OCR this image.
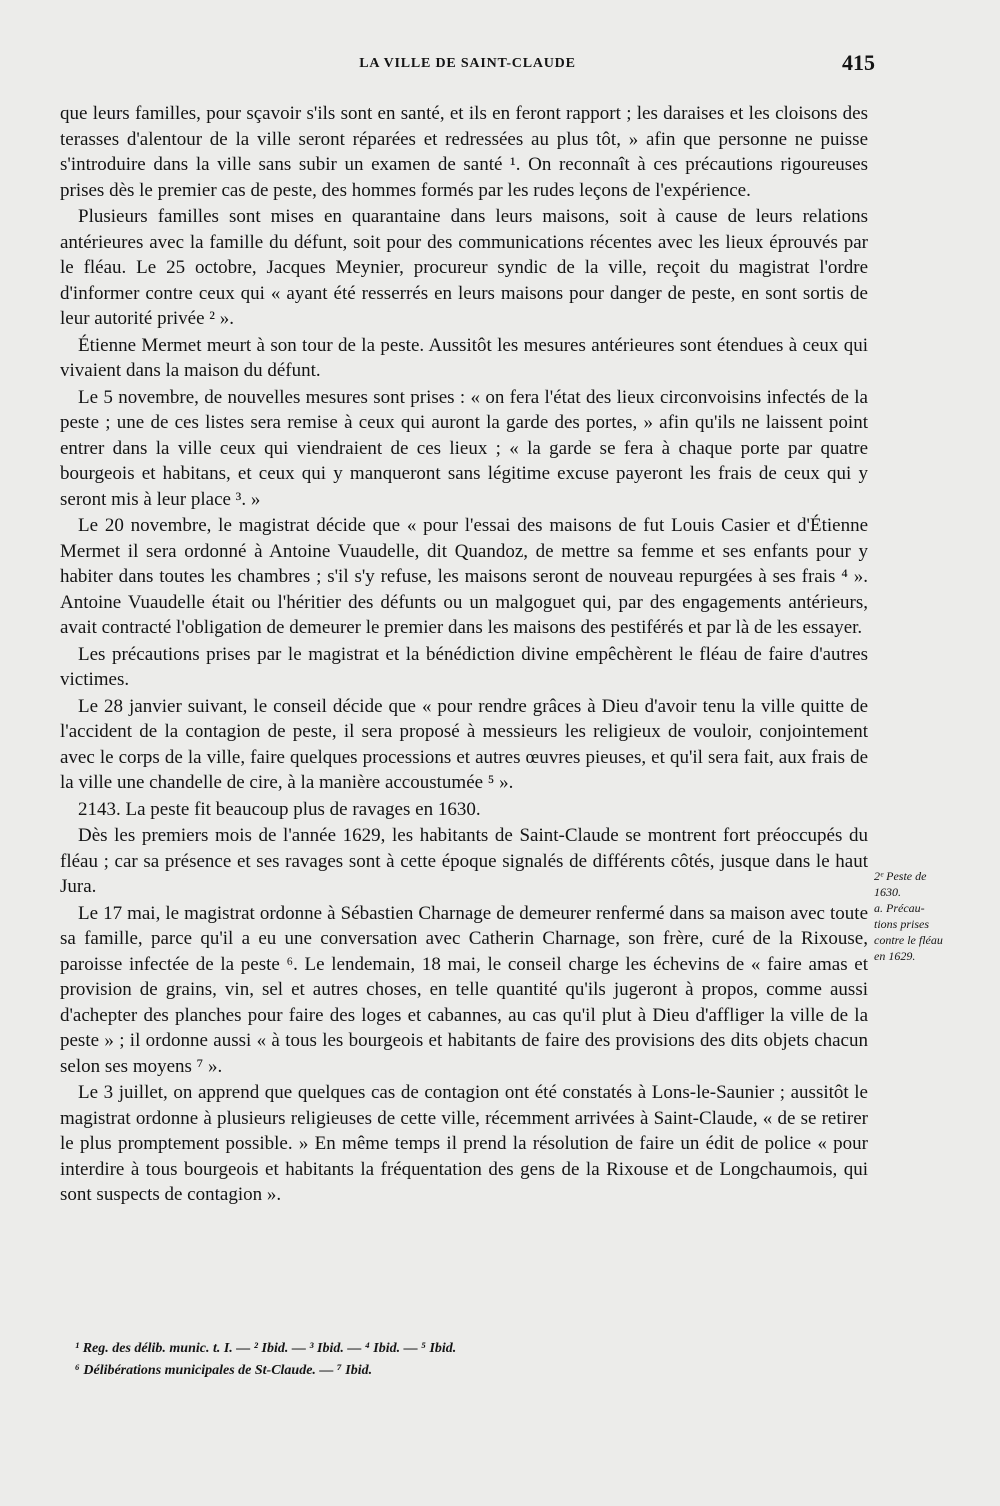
LA VILLE DE SAINT-CLAUDE	415

que leurs familles, pour sçavoir s'ils sont en santé, et ils en feront rapport ; les daraises et les cloisons des terasses d'alentour de la ville seront réparées et redressées au plus tôt, » afin que personne ne puisse s'introduire dans la ville sans subir un examen de santé ¹. On reconnaît à ces précautions rigoureuses prises dès le premier cas de peste, des hommes formés par les rudes leçons de l'expérience.

Plusieurs familles sont mises en quarantaine dans leurs maisons, soit à cause de leurs relations antérieures avec la famille du défunt, soit pour des communications récentes avec les lieux éprouvés par le fléau. Le 25 octobre, Jacques Meynier, procureur syndic de la ville, reçoit du magistrat l'ordre d'informer contre ceux qui « ayant été resserrés en leurs maisons pour danger de peste, en sont sortis de leur autorité privée ² ».

Étienne Mermet meurt à son tour de la peste. Aussitôt les mesures antérieures sont étendues à ceux qui vivaient dans la maison du défunt.

Le 5 novembre, de nouvelles mesures sont prises : « on fera l'état des lieux circonvoisins infectés de la peste ; une de ces listes sera remise à ceux qui auront la garde des portes, » afin qu'ils ne laissent point entrer dans la ville ceux qui viendraient de ces lieux ; « la garde se fera à chaque porte par quatre bourgeois et habitans, et ceux qui y manqueront sans légitime excuse payeront les frais de ceux qui y seront mis à leur place ³. »

Le 20 novembre, le magistrat décide que « pour l'essai des maisons de fut Louis Casier et d'Étienne Mermet il sera ordonné à Antoine Vuaudelle, dit Quandoz, de mettre sa femme et ses enfants pour y habiter dans toutes les chambres ; s'il s'y refuse, les maisons seront de nouveau repurgées à ses frais ⁴ ». Antoine Vuaudelle était ou l'héritier des défunts ou un malgoguet qui, par des engagements antérieurs, avait contracté l'obligation de demeurer le premier dans les maisons des pestiférés et par là de les essayer.

Les précautions prises par le magistrat et la bénédiction divine empêchèrent le fléau de faire d'autres victimes.

Le 28 janvier suivant, le conseil décide que « pour rendre grâces à Dieu d'avoir tenu la ville quitte de l'accident de la contagion de peste, il sera proposé à messieurs les religieux de vouloir, conjointement avec le corps de la ville, faire quelques processions et autres œuvres pieuses, et qu'il sera fait, aux frais de la ville une chandelle de cire, à la manière accoustumée ⁵ ».

2143. La peste fit beaucoup plus de ravages en 1630.

Dès les premiers mois de l'année 1629, les habitants de Saint-Claude se montrent fort préoccupés du fléau ; car sa présence et ses ravages sont à cette époque signalés de différents côtés, jusque dans le haut Jura.

Le 17 mai, le magistrat ordonne à Sébastien Charnage de demeurer renfermé dans sa maison avec toute sa famille, parce qu'il a eu une conversation avec Catherin Charnage, son frère, curé de la Rixouse, paroisse infectée de la peste ⁶. Le lendemain, 18 mai, le conseil charge les échevins de « faire amas et provision de grains, vin, sel et autres choses, en telle quantité qu'ils jugeront à propos, comme aussi d'achepter des planches pour faire des loges et cabannes, au cas qu'il plut à Dieu d'affliger la ville de la peste » ; il ordonne aussi « à tous les bourgeois et habitants de faire des provisions des dits objets chacun selon ses moyens ⁷ ».

Le 3 juillet, on apprend que quelques cas de contagion ont été constatés à Lons-le-Saunier ; aussitôt le magistrat ordonne à plusieurs religieuses de cette ville, récemment arrivées à Saint-Claude, « de se retirer le plus promptement possible. » En même temps il prend la résolution de faire un édit de police « pour interdire à tous bourgeois et habitants la fréquentation des gens de la Rixouse et de Longchaumois, qui sont suspects de contagion ».

2ᵉ Peste de
1630.
a. Précau-
tions prises
contre le fléau
en 1629.
¹ Reg. des délib. munic. t. I. — ² Ibid. — ³ Ibid. — ⁴ Ibid. — ⁵ Ibid.
⁶ Délibérations municipales de St-Claude. — ⁷ Ibid.
